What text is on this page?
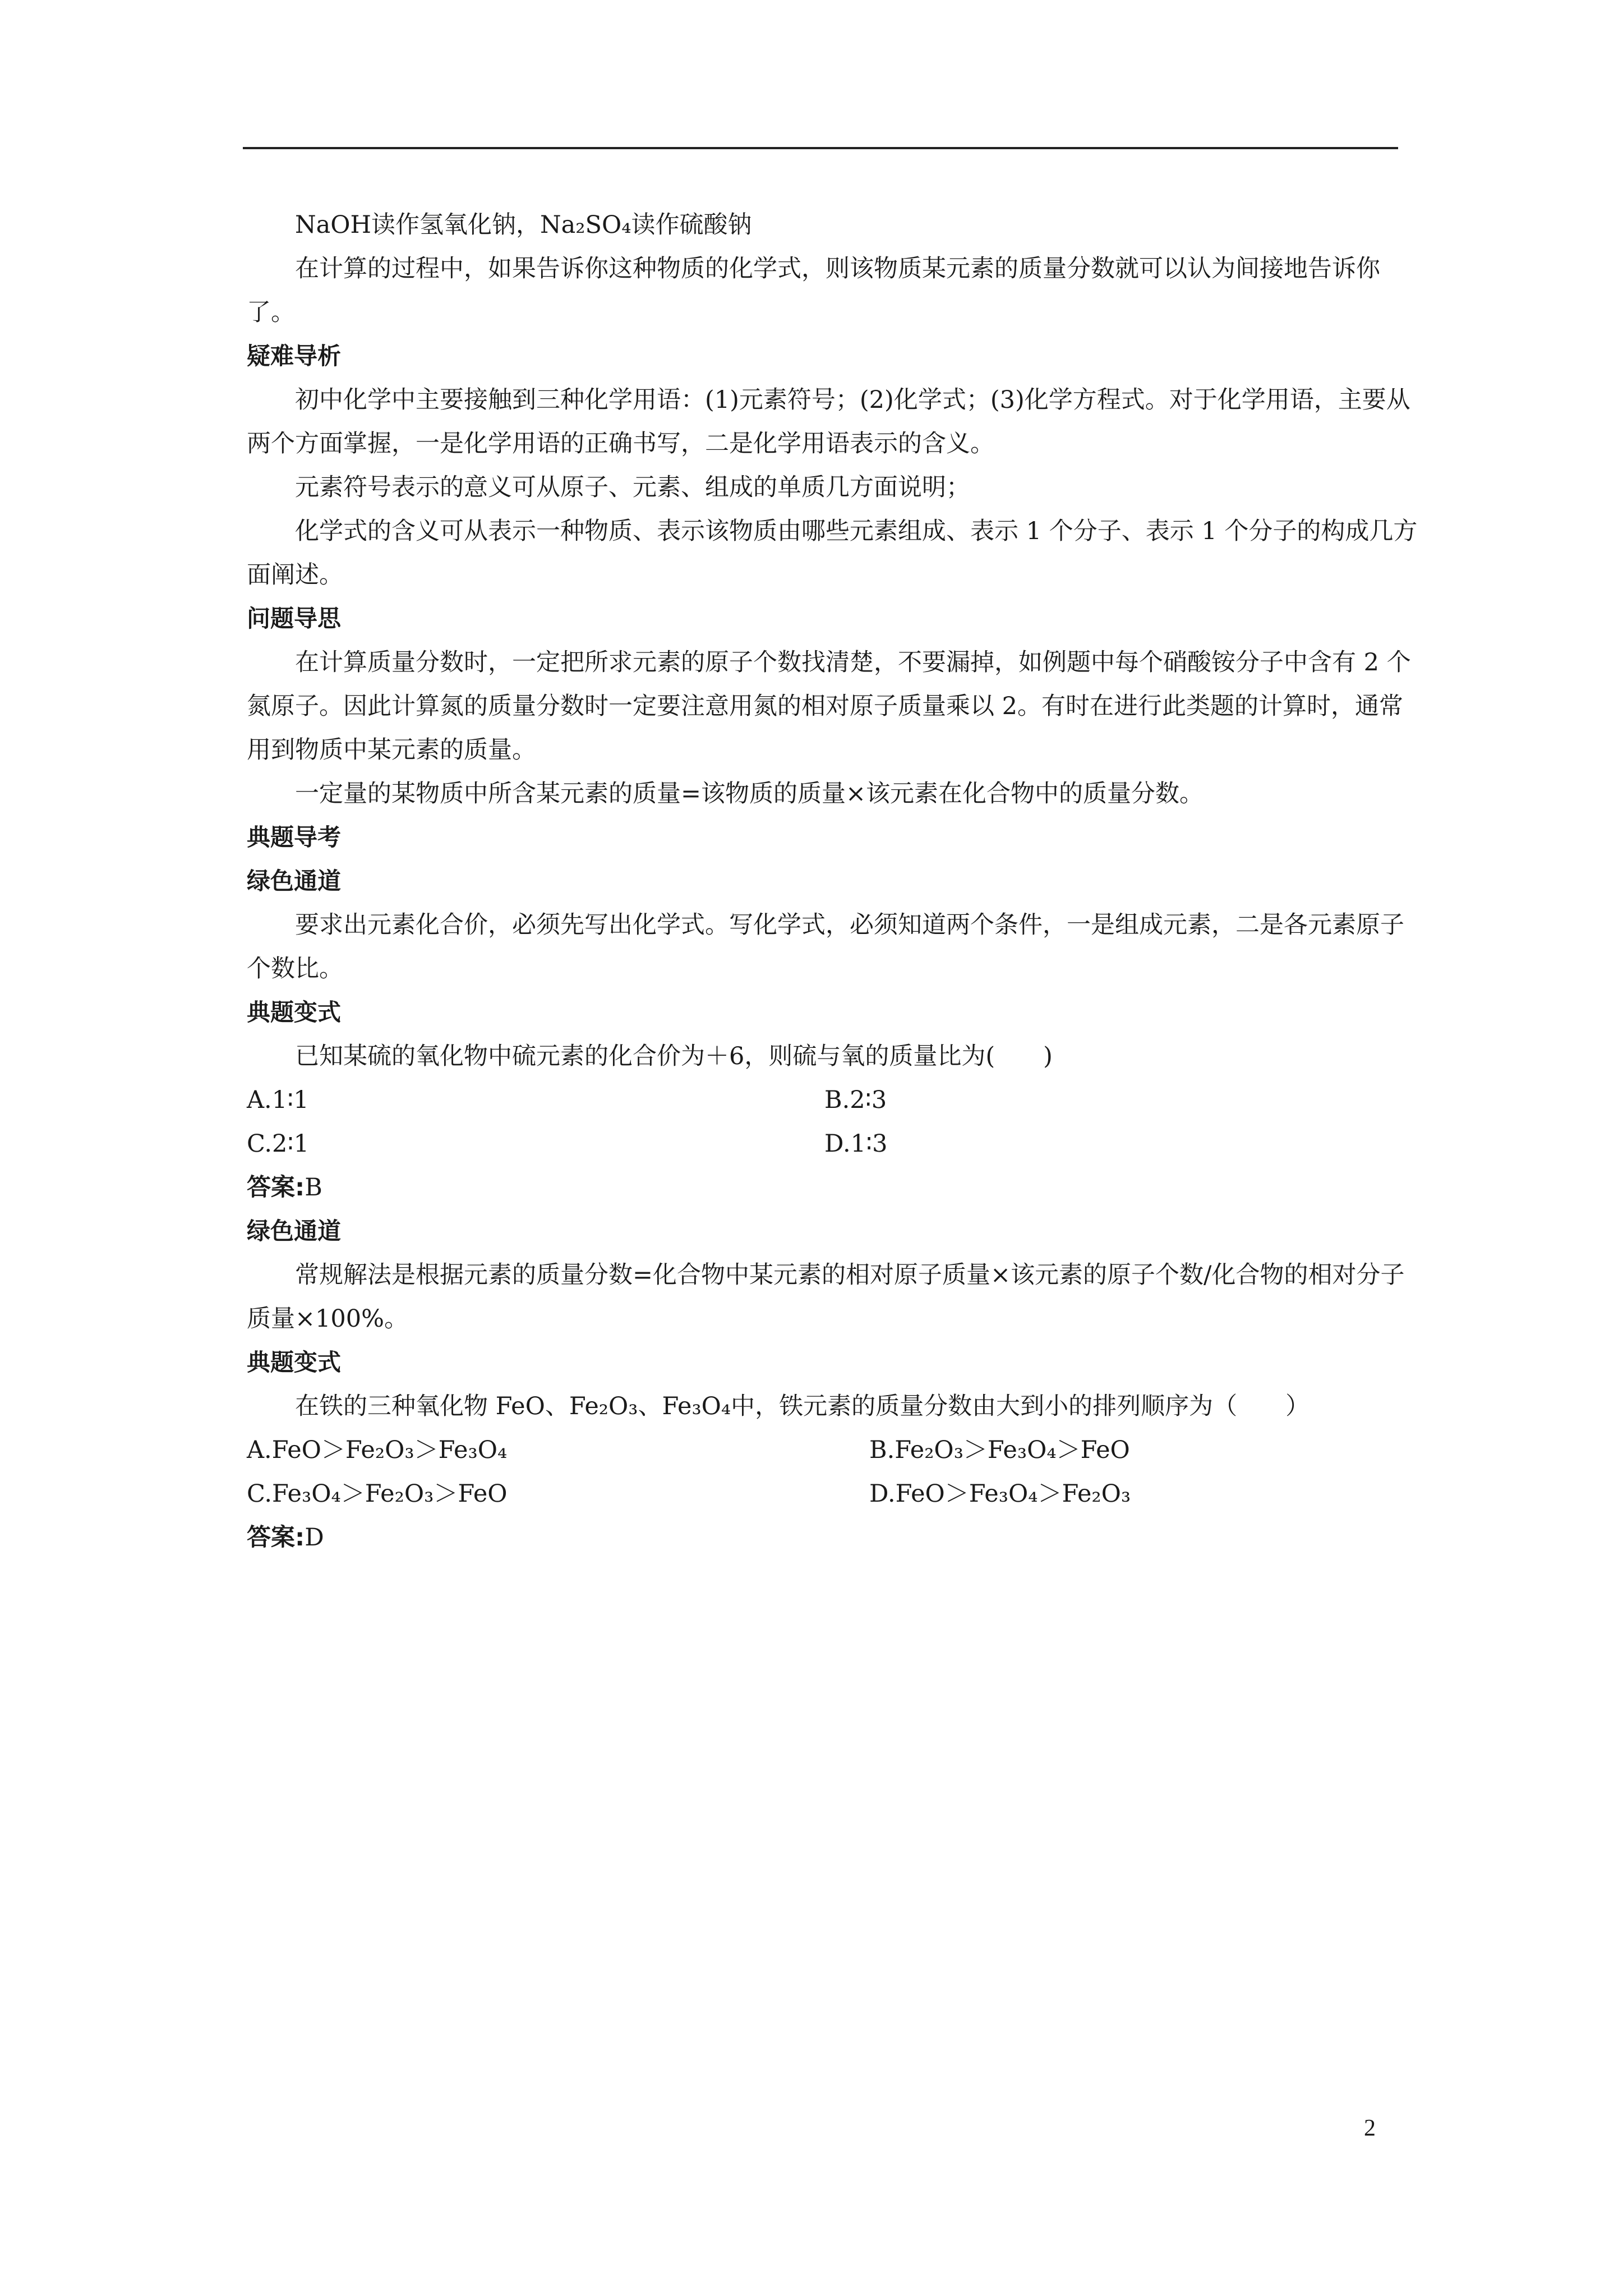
NaOH读作氢氧化钠，Na₂SO₄读作硫酸钠

在计算的过程中，如果告诉你这种物质的化学式，则该物质某元素的质量分数就可以认为间接地告诉你了。

疑难导析

初中化学中主要接触到三种化学用语：(1)元素符号；(2)化学式；(3)化学方程式。对于化学用语，主要从两个方面掌握，一是化学用语的正确书写，二是化学用语表示的含义。

元素符号表示的意义可从原子、元素、组成的单质几方面说明；

化学式的含义可从表示一种物质、表示该物质由哪些元素组成、表示 1 个分子、表示 1 个分子的构成几方面阐述。

问题导思

在计算质量分数时，一定把所求元素的原子个数找清楚，不要漏掉，如例题中每个硝酸铵分子中含有 2 个氮原子。因此计算氮的质量分数时一定要注意用氮的相对原子质量乘以 2。有时在进行此类题的计算时，通常用到物质中某元素的质量。

一定量的某物质中所含某元素的质量=该物质的质量×该元素在化合物中的质量分数。

典题导考

绿色通道

要求出元素化合价，必须先写出化学式。写化学式，必须知道两个条件，一是组成元素，二是各元素原子个数比。

典题变式

已知某硫的氧化物中硫元素的化合价为＋6，则硫与氧的质量比为(　　)

A.1∶1	B.2∶3
C.2∶1	D.1∶3

答案:B

绿色通道

常规解法是根据元素的质量分数=化合物中某元素的相对原子质量×该元素的原子个数/化合物的相对分子质量×100%。

典题变式

在铁的三种氧化物 FeO、Fe₂O₃、Fe₃O₄中，铁元素的质量分数由大到小的排列顺序为（　　）

A.FeO＞Fe₂O₃＞Fe₃O₄	B.Fe₂O₃＞Fe₃O₄＞FeO
C.Fe₃O₄＞Fe₂O₃＞FeO	D.FeO＞Fe₃O₄＞Fe₂O₃

答案:D

2
